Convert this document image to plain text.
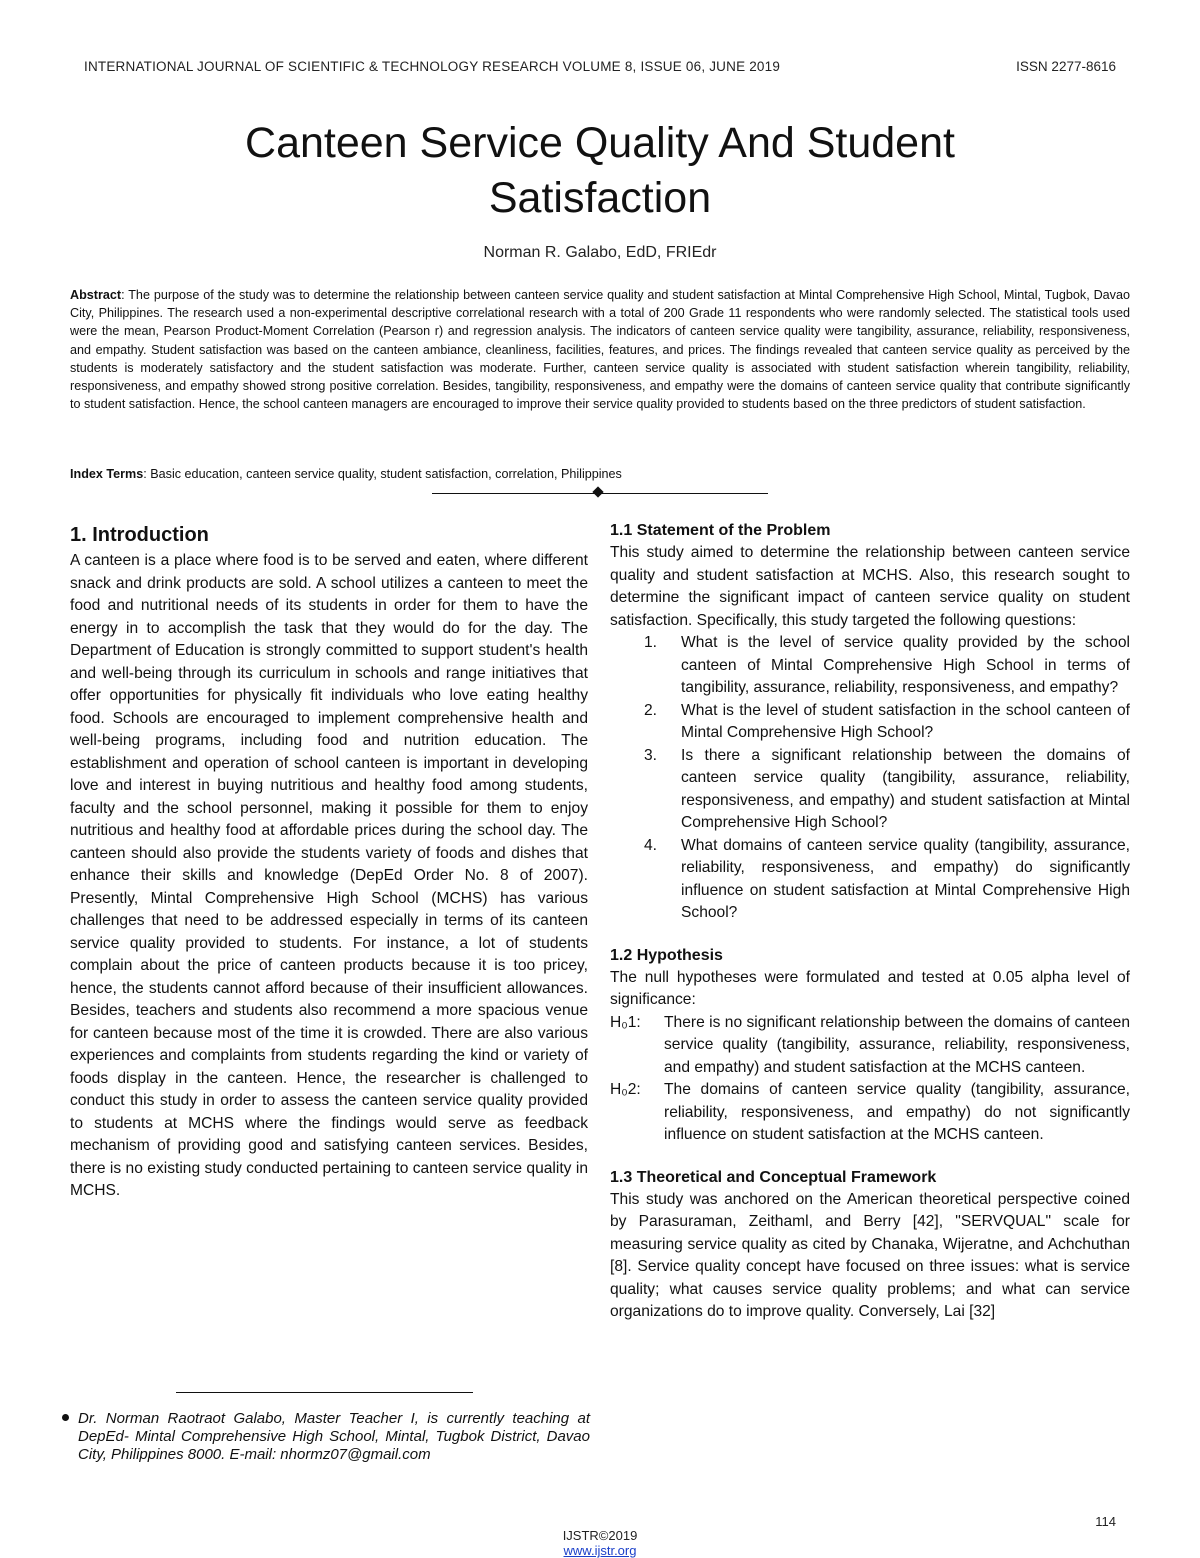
INTERNATIONAL JOURNAL OF SCIENTIFIC & TECHNOLOGY RESEARCH VOLUME 8, ISSUE 06, JUNE 2019	ISSN 2277-8616
Canteen Service Quality And Student
Satisfaction
Norman R. Galabo, EdD, FRIEdr
Abstract: The purpose of the study was to determine the relationship between canteen service quality and student satisfaction at Mintal Comprehensive High School, Mintal, Tugbok, Davao City, Philippines. The research used a non-experimental descriptive correlational research with a total of 200 Grade 11 respondents who were randomly selected. The statistical tools used were the mean, Pearson Product-Moment Correlation (Pearson r) and regression analysis. The indicators of canteen service quality were tangibility, assurance, reliability, responsiveness, and empathy. Student satisfaction was based on the canteen ambiance, cleanliness, facilities, features, and prices. The findings revealed that canteen service quality as perceived by the students is moderately satisfactory and the student satisfaction was moderate. Further, canteen service quality is associated with student satisfaction wherein tangibility, reliability, responsiveness, and empathy showed strong positive correlation. Besides, tangibility, responsiveness, and empathy were the domains of canteen service quality that contribute significantly to student satisfaction. Hence, the school canteen managers are encouraged to improve their service quality provided to students based on the three predictors of student satisfaction.
Index Terms: Basic education, canteen service quality, student satisfaction, correlation, Philippines
1. Introduction

A canteen is a place where food is to be served and eaten, where different snack and drink products are sold. A school utilizes a canteen to meet the food and nutritional needs of its students in order for them to have the energy in to accomplish the task that they would do for the day. The Department of Education is strongly committed to support student's health and well-being through its curriculum in schools and range initiatives that offer opportunities for physically fit individuals who love eating healthy food. Schools are encouraged to implement comprehensive health and well-being programs, including food and nutrition education. The establishment and operation of school canteen is important in developing love and interest in buying nutritious and healthy food among students, faculty and the school personnel, making it possible for them to enjoy nutritious and healthy food at affordable prices during the school day. The canteen should also provide the students variety of foods and dishes that enhance their skills and knowledge (DepEd Order No. 8 of 2007). Presently, Mintal Comprehensive High School (MCHS) has various challenges that need to be addressed especially in terms of its canteen service quality provided to students. For instance, a lot of students complain about the price of canteen products because it is too pricey, hence, the students cannot afford because of their insufficient allowances. Besides, teachers and students also recommend a more spacious venue for canteen because most of the time it is crowded. There are also various experiences and complaints from students regarding the kind or variety of foods display in the canteen. Hence, the researcher is challenged to conduct this study in order to assess the canteen service quality provided to students at MCHS where the findings would serve as feedback mechanism of providing good and satisfying canteen services. Besides, there is no existing study conducted pertaining to canteen service quality in MCHS.

Dr. Norman Raotraot Galabo, Master Teacher I, is currently teaching at DepEd- Mintal Comprehensive High School, Mintal, Tugbok District, Davao City, Philippines 8000. E-mail: nhormz07@gmail.com
1.1 Statement of the Problem

This study aimed to determine the relationship between canteen service quality and student satisfaction at MCHS. Also, this research sought to determine the significant impact of canteen service quality on student satisfaction. Specifically, this study targeted the following questions:

1. What is the level of service quality provided by the school canteen of Mintal Comprehensive High School in terms of tangibility, assurance, reliability, responsiveness, and empathy?
2. What is the level of student satisfaction in the school canteen of Mintal Comprehensive High School?
3. Is there a significant relationship between the domains of canteen service quality (tangibility, assurance, reliability, responsiveness, and empathy) and student satisfaction at Mintal Comprehensive High School?
4. What domains of canteen service quality (tangibility, assurance, reliability, responsiveness, and empathy) do significantly influence on student satisfaction at Mintal Comprehensive High School?
1.2 Hypothesis

The null hypotheses were formulated and tested at 0.05 alpha level of significance:

H₀1: There is no significant relationship between the domains of canteen service quality (tangibility, assurance, reliability, responsiveness, and empathy) and student satisfaction at the MCHS canteen.
H₀2: The domains of canteen service quality (tangibility, assurance, reliability, responsiveness, and empathy) do not significantly influence on student satisfaction at the MCHS canteen.
1.3 Theoretical and Conceptual Framework

This study was anchored on the American theoretical perspective coined by Parasuraman, Zeithaml, and Berry [42], "SERVQUAL" scale for measuring service quality as cited by Chanaka, Wijeratne, and Achchuthan [8]. Service quality concept have focused on three issues: what is service quality; what causes service quality problems; and what can service organizations do to improve quality. Conversely, Lai [32]

114
IJSTR©2019
www.ijstr.org
